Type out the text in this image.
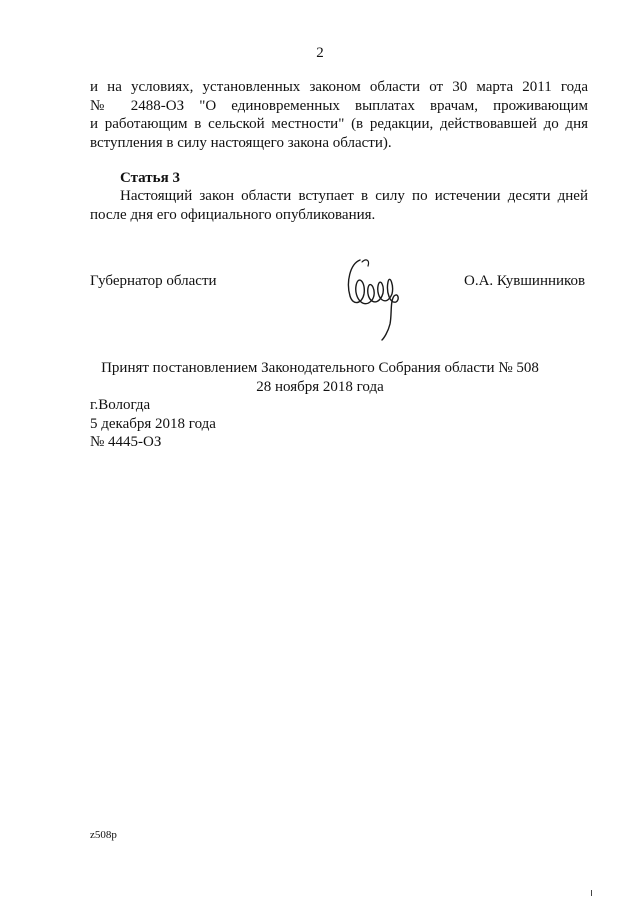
2
и на условиях, установленных законом области от 30 марта 2011 года
№ 2488-ОЗ "О единовременных выплатах врачам, проживающим
и работающим в сельской местности" (в редакции, действовавшей до дня
вступления в силу настоящего закона области).
Статья 3
Настоящий закон области вступает в силу по истечении десяти дней
после дня его официального опубликования.
Губернатор области	О.А. Кувшинников
Принят постановлением Законодательного Собрания области № 508
28 ноября 2018 года
г.Вологда
5 декабря 2018 года
№ 4445-ОЗ
z508р
